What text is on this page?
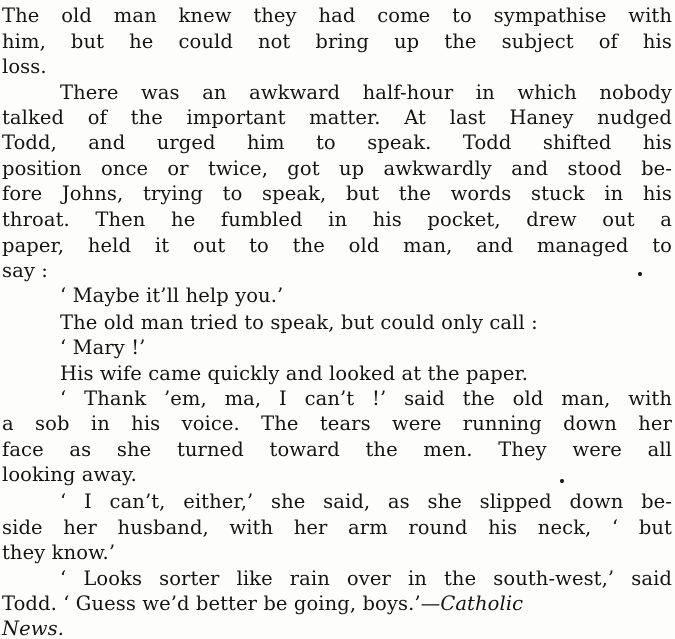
The old man knew they had come to sympathise with
him, but he could not bring up the subject of his
loss.
There was an awkward half-hour in which nobody
talked of the important matter. At last Haney nudged
Todd, and urged him to speak. Todd shifted his
position once or twice, got up awkwardly and stood be-
fore Johns, trying to speak, but the words stuck in his
throat. Then he fumbled in his pocket, drew out a
paper, held it out to the old man, and managed to
say :
‘ Maybe it’ll help you.’
The old man tried to speak, but could only call :
‘ Mary !’
His wife came quickly and looked at the paper.
‘ Thank ’em, ma, I can’t !’ said the old man, with
a sob in his voice. The tears were running down her
face as she turned toward the men. They were all
looking away.
‘ I can’t, either,’ she said, as she slipped down be-
side her husband, with her arm round his neck, ‘ but
they know.’
‘ Looks sorter like rain over in the south-west,’ said
Todd. ‘ Guess we’d better be going, boys.’—Catholic
News.
